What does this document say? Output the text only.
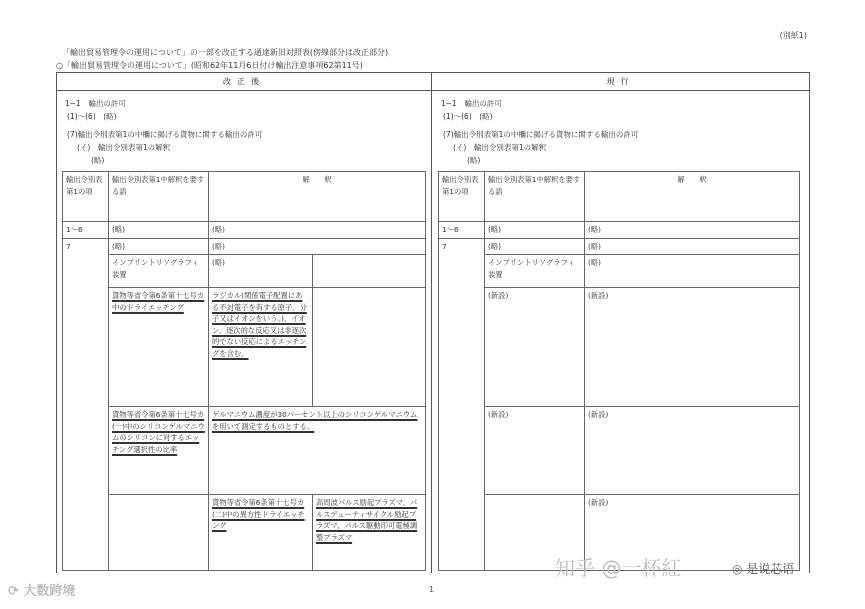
(別紙1)
「輸出貿易管理令の運用について」の一部を改正する通達新旧対照表(傍線部分は改正部分)
○「輸出貿易管理令の運用について」(昭和62年11月6日付け輸出注意事項62第11号)
改正後	現行
1−1　輸出の許可
(1)〜(6)　(略)
(7)輸出令別表第1の中欄に掲げる貨物に関する輸出の許可
(イ)　輸出令別表第1の解釈
(略)
輸出令別表第1の項	輸出令別表第1中解釈を要する語	解　　釈		
1〜6	(略)	(略)		
7	(略)	(略)		
	インプリントリソグラフィ装置	(略)		
	貨物等省令第6条第十七号カ中のドライエッチング	ラジカル(関係電子配置にある不対電子を有する原子、分子又はイオンをいう。)、イオン、逐次的な反応又は非逐次的でない反応によるエッチングを含む。		
	貨物等省令第6条第十七号カ(一)中のシリコンゲルマニウムのシリコンに対するエッチング選択性の比率	ゲルマニウム濃度が30パーセント以上のシリコンゲルマニウムを用いて測定するものとする。		
		貨物等省令第6条第十七号カ(二)中の異方性ドライエッチング	高周波パルス励起プラズマ、パルスデューティサイクル励起プラズマ、パルス駆動印可電極調整プラズマ	
1−1　輸出の許可
(1)〜(6)　(略)
(7)輸出令別表第1の中欄に掲げる貨物に関する輸出の許可
(イ)　輸出令別表第1の解釈
(略)
輸出令別表第1の項	輸出令別表第1中解釈を要する語	解　　釈	
1〜6	(略)	(略)	
7	(略)	(略)	
	インプリントリソグラフィ装置	(略)	
	(新設)	(新設)	
	(新設)	(新設)	
		(新設)	
1
⟳ 大数跨境
知乎 @一杯紅	◎ 是说芯语
